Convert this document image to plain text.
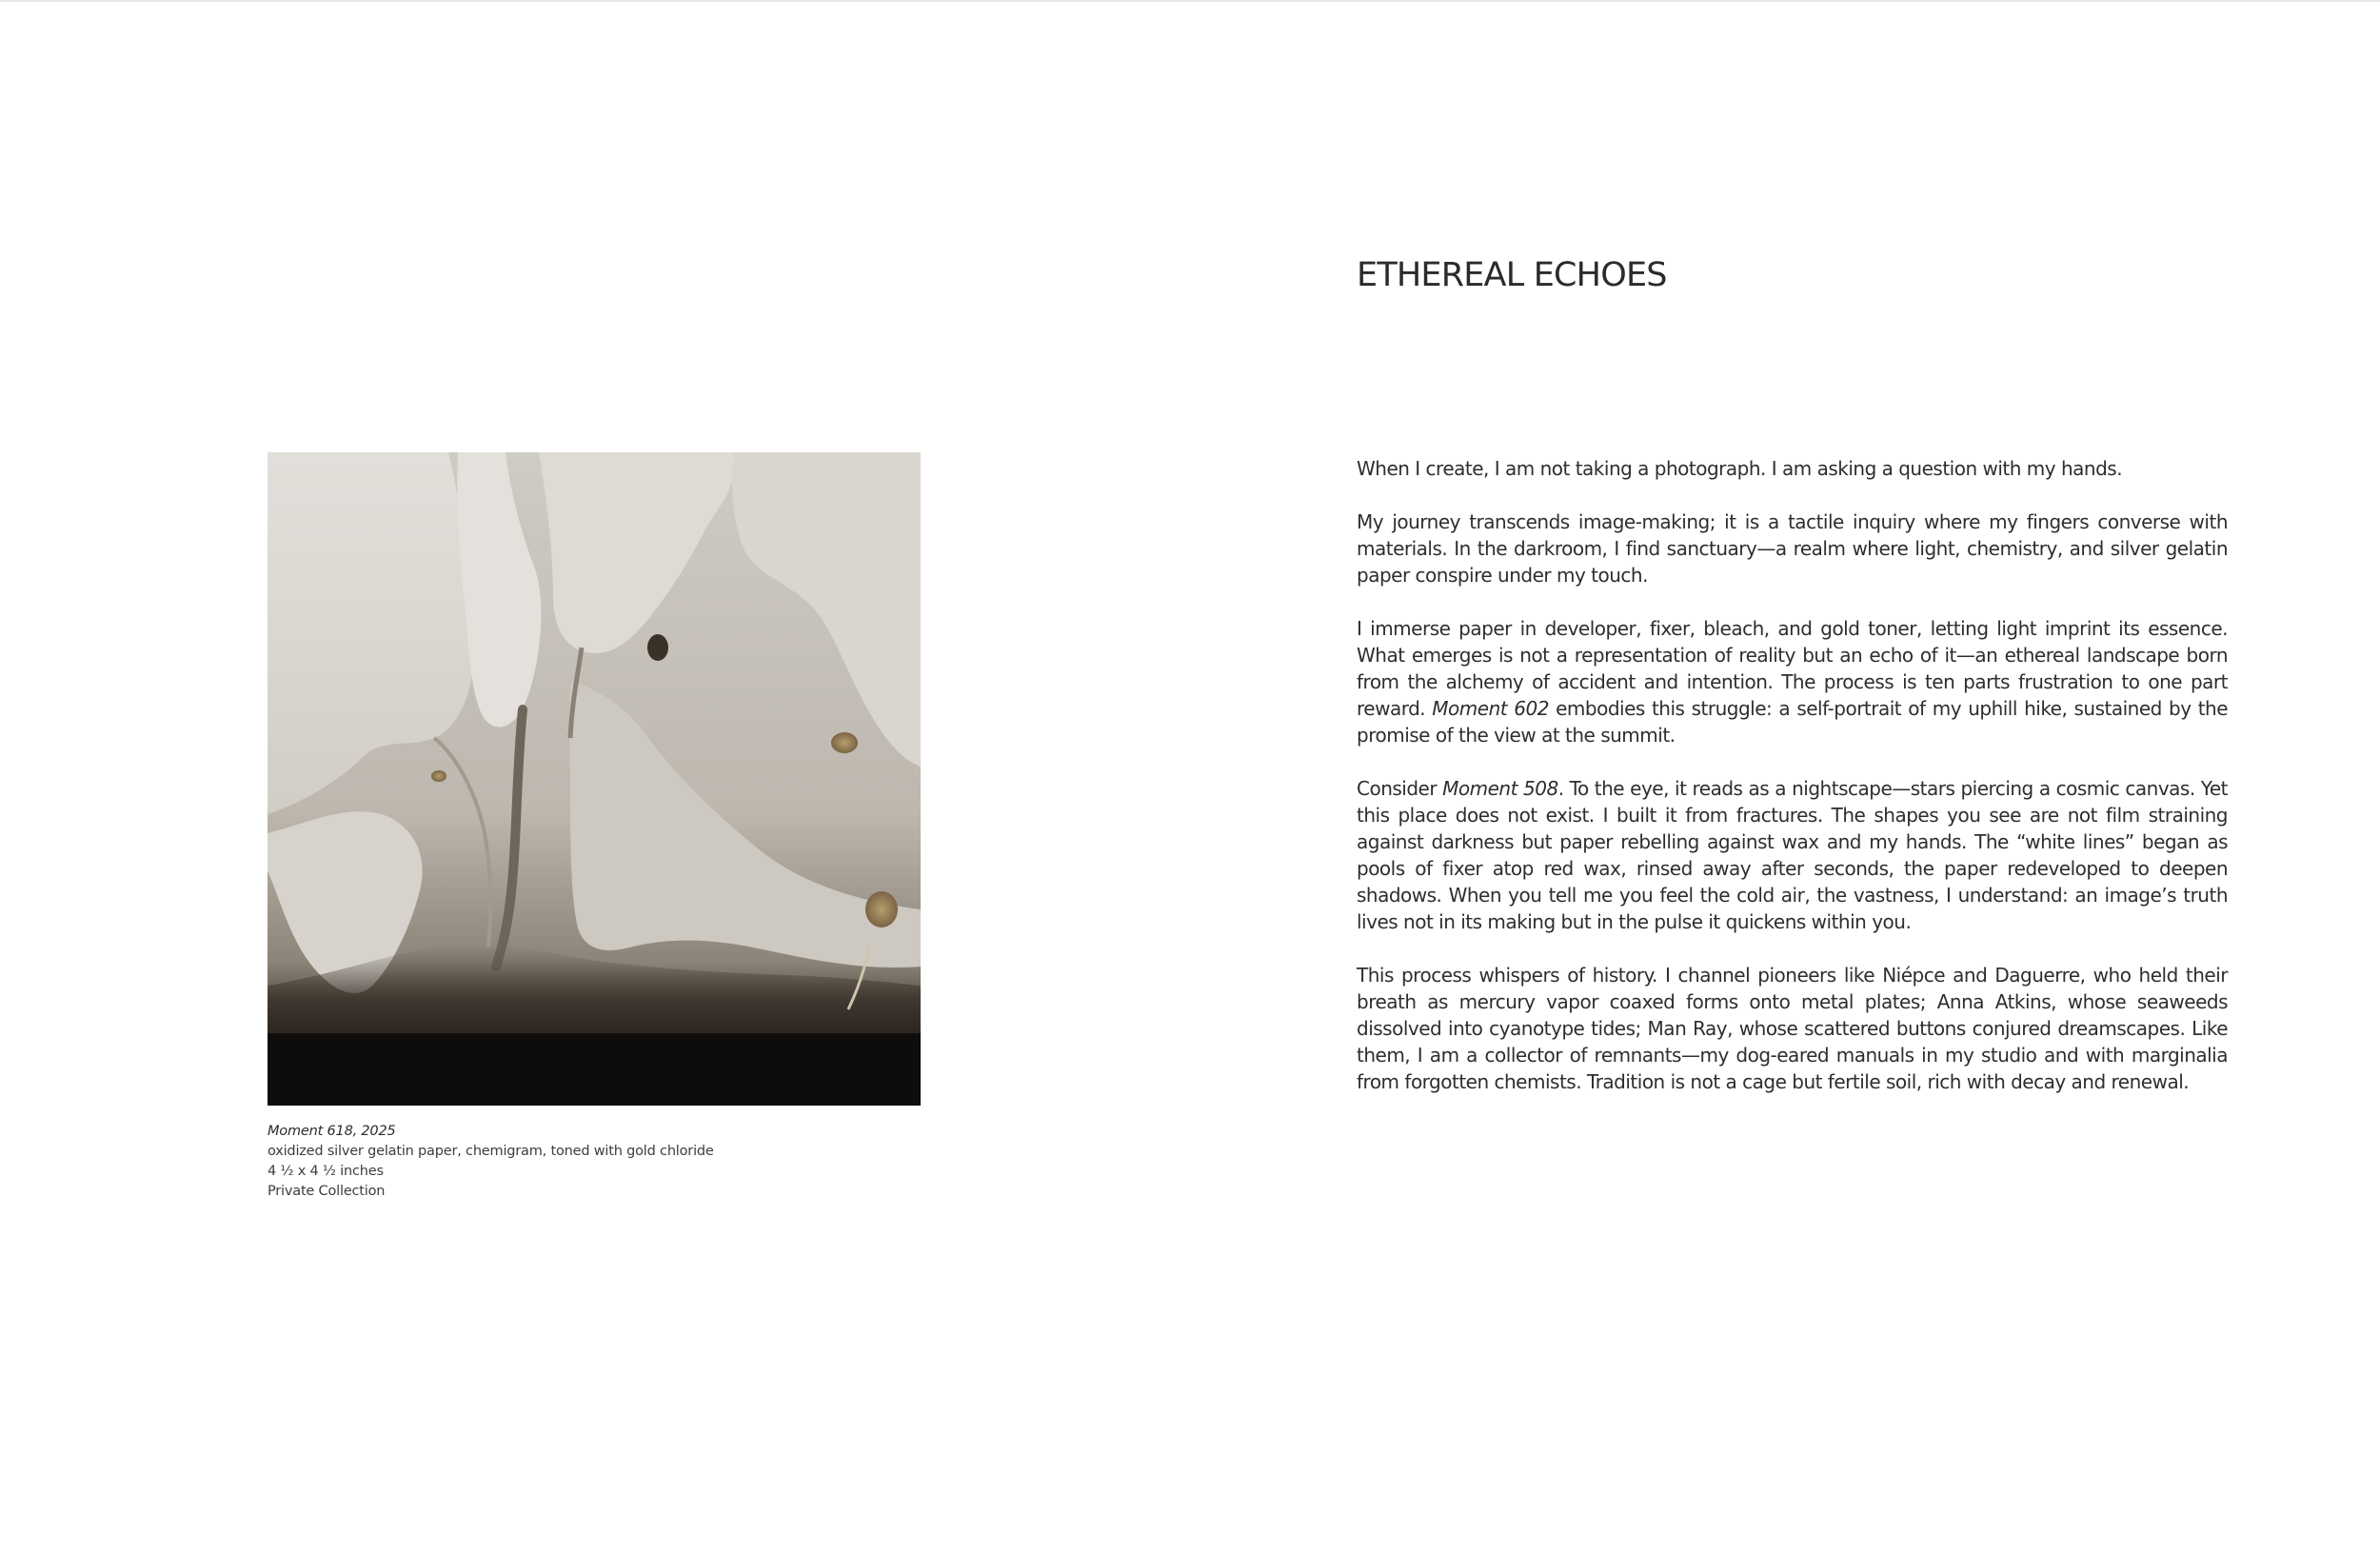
Moment 618, 2025
oxidized silver gelatin paper, chemigram, toned with gold chloride
4 ½ x 4 ½ inches
Private Collection
ETHEREAL ECHOES

When I create, I am not taking a photograph. I am asking a question with my hands.

My journey transcends image-making; it is a tactile inquiry where my fingers converse with materials. In the darkroom, I find sanctuary—a realm where light, chemistry, and silver gelatin paper conspire under my touch.

I immerse paper in developer, fixer, bleach, and gold toner, letting light imprint its essence. What emerges is not a representation of reality but an echo of it—an ethereal landscape born from the alchemy of accident and intention. The process is ten parts frustration to one part reward. Moment 602 embodies this struggle: a self-portrait of my uphill hike, sustained by the promise of the view at the summit.

Consider Moment 508. To the eye, it reads as a nightscape—stars piercing a cosmic canvas. Yet this place does not exist. I built it from fractures. The shapes you see are not film straining against darkness but paper rebelling against wax and my hands. The “white lines” began as pools of fixer atop red wax, rinsed away after seconds, the paper redeveloped to deepen shadows. When you tell me you feel the cold air, the vastness, I understand: an image’s truth lives not in its making but in the pulse it quickens within you.

This process whispers of history. I channel pioneers like Niépce and Daguerre, who held their breath as mercury vapor coaxed forms onto metal plates; Anna Atkins, whose seaweeds dissolved into cyanotype tides; Man Ray, whose scattered buttons conjured dreamscapes. Like them, I am a collector of remnants—my dog-eared manuals in my studio and with marginalia from forgotten chemists. Tradition is not a cage but fertile soil, rich with decay and renewal.
